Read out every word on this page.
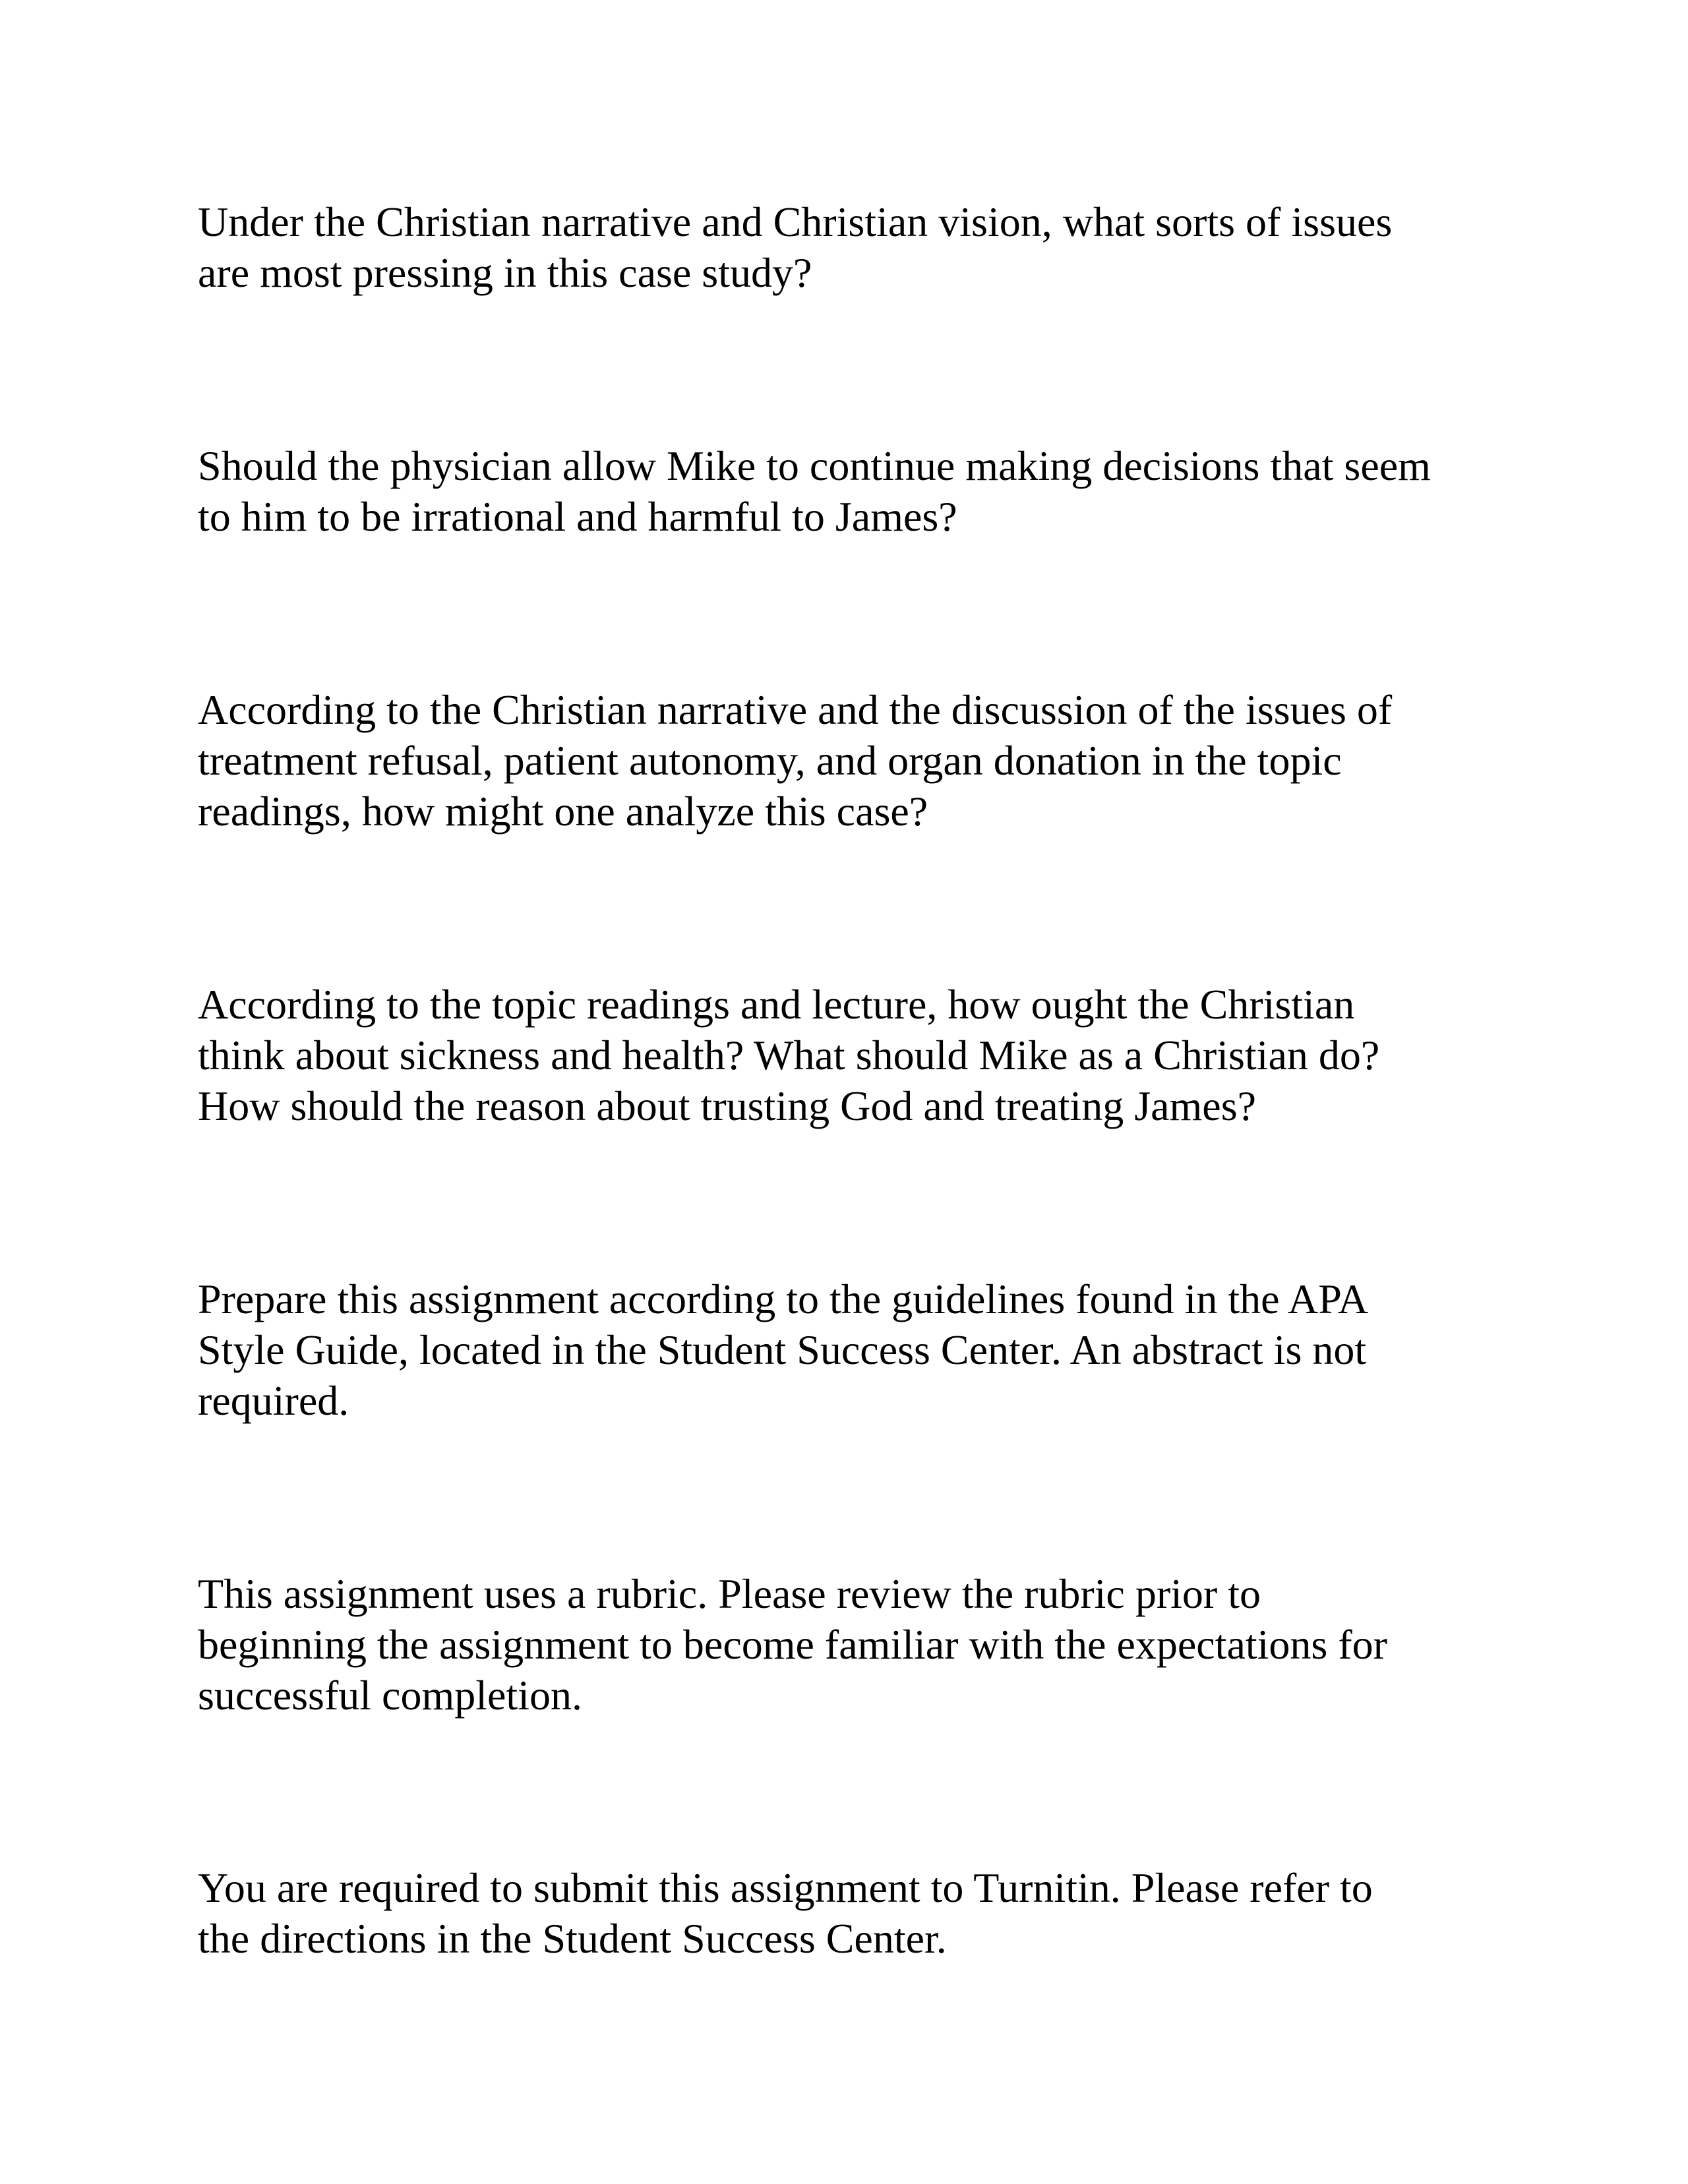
Under the Christian narrative and Christian vision, what sorts of issues
are most pressing in this case study?

Should the physician allow Mike to continue making decisions that seem
to him to be irrational and harmful to James?

According to the Christian narrative and the discussion of the issues of
treatment refusal, patient autonomy, and organ donation in the topic
readings, how might one analyze this case?

According to the topic readings and lecture, how ought the Christian
think about sickness and health? What should Mike as a Christian do?
How should the reason about trusting God and treating James?

Prepare this assignment according to the guidelines found in the APA
Style Guide, located in the Student Success Center. An abstract is not
required.

This assignment uses a rubric. Please review the rubric prior to
beginning the assignment to become familiar with the expectations for
successful completion.

You are required to submit this assignment to Turnitin. Please refer to
the directions in the Student Success Center.
